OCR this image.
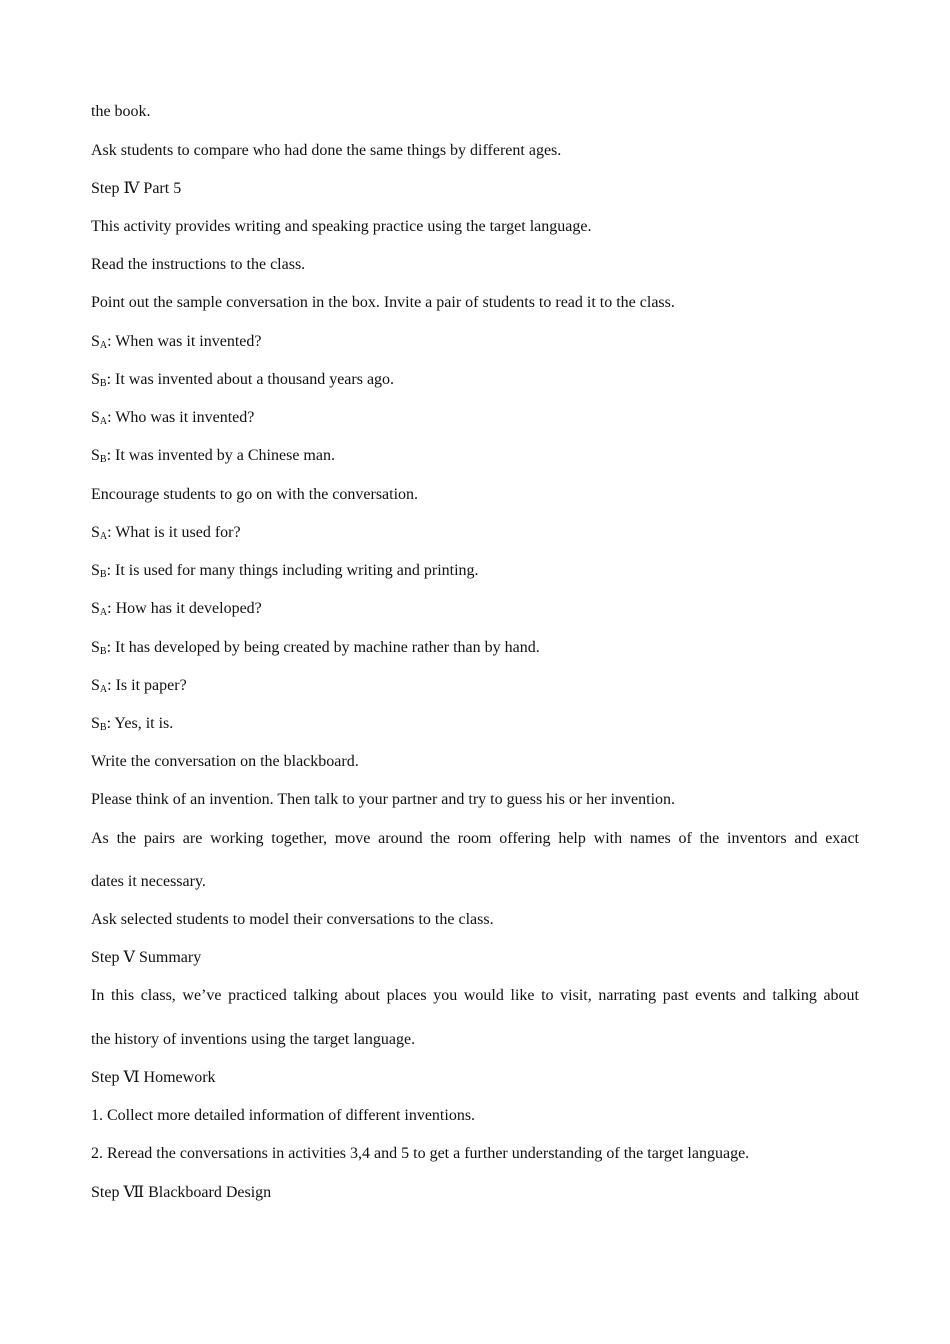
the book.
Ask students to compare who had done the same things by different ages.
Step Ⅳ Part 5
This activity provides writing and speaking practice using the target language.
Read the instructions to the class.
Point out the sample conversation in the box. Invite a pair of students to read it to the class.
$S_A$: When was it invented?
$S_B$: It was invented about a thousand years ago.
$S_A$: Who was it invented?
$S_B$: It was invented by a Chinese man.
Encourage students to go on with the conversation.
$S_A$: What is it used for?
$S_B$: It is used for many things including writing and printing.
$S_A$: How has it developed?
$S_B$: It has developed by being created by machine rather than by hand.
$S_A$: Is it paper?
$S_B$: Yes, it is.
Write the conversation on the blackboard.
Please think of an invention. Then talk to your partner and try to guess his or her invention.
As the pairs are working together, move around the room offering help with names of the inventors and exact
dates it necessary.
Ask selected students to model their conversations to the class.
Step Ⅴ Summary
In this class, we’ve practiced talking about places you would like to visit, narrating past events and talking about
the history of inventions using the target language.
Step Ⅵ Homework
1. Collect more detailed information of different inventions.
2. Reread the conversations in activities 3,4 and 5 to get a further understanding of the target language.
Step Ⅶ Blackboard Design
